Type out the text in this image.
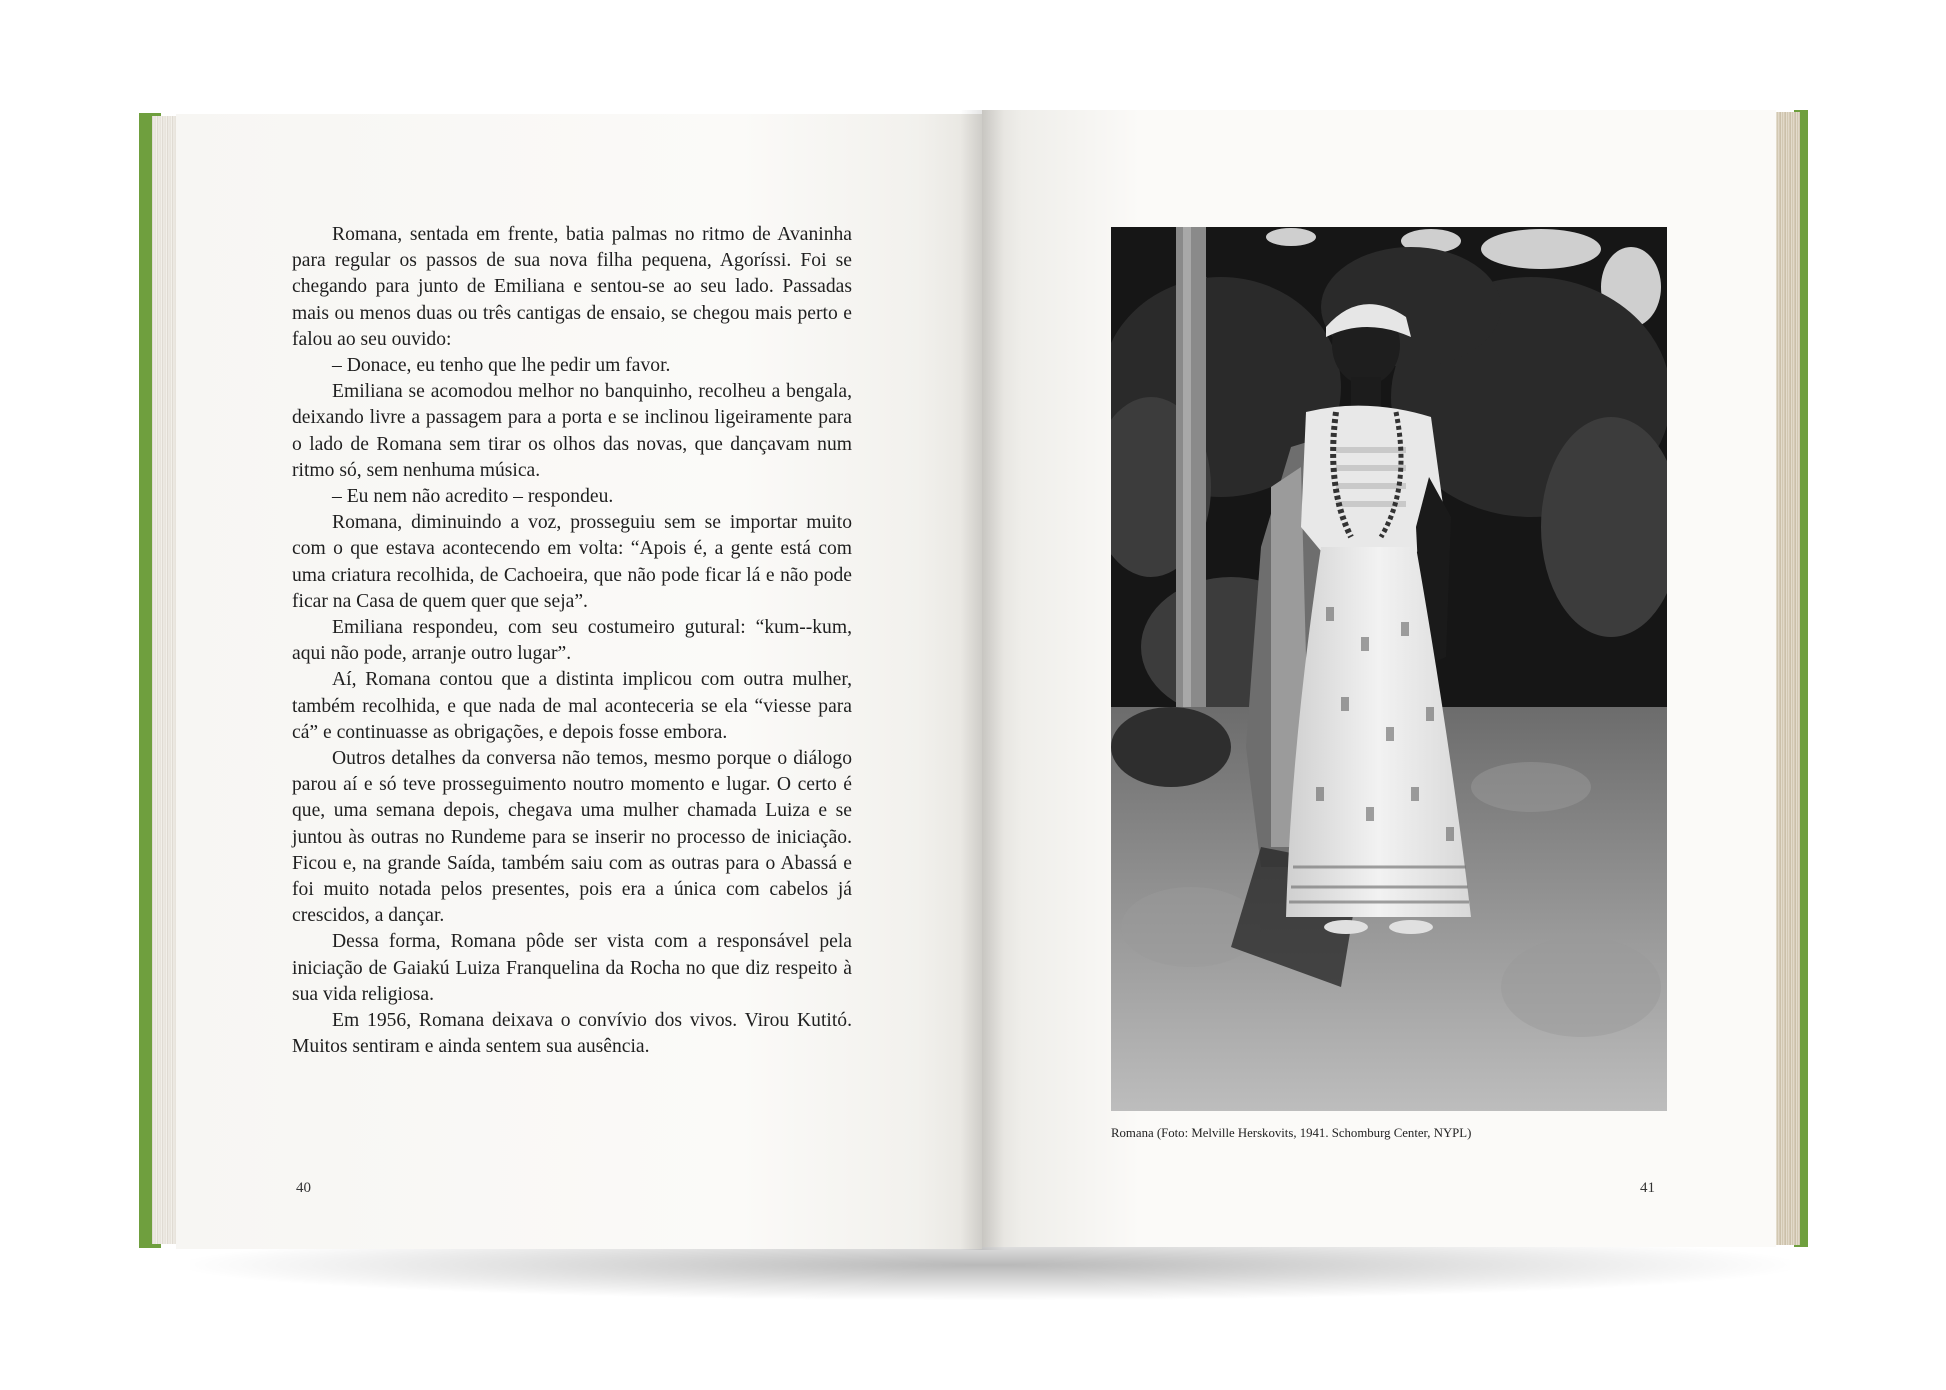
Romana, sentada em frente, batia palmas no ritmo de Avaninha para regular os passos de sua nova filha pequena, Agoríssi. Foi se chegando para junto de Emiliana e sentou-se ao seu lado. Passadas mais ou menos duas ou três cantigas de ensaio, se chegou mais perto e falou ao seu ouvido:

– Donace, eu tenho que lhe pedir um favor.

Emiliana se acomodou melhor no banquinho, recolheu a bengala, deixando livre a passagem para a porta e se inclinou ligeiramente para o lado de Romana sem tirar os olhos das novas, que dançavam num ritmo só, sem nenhuma música.

– Eu nem não acredito – respondeu.

Romana, diminuindo a voz, prosseguiu sem se importar muito com o que estava acontecendo em volta: “Apois é, a gente está com uma criatura recolhida, de Cachoeira, que não pode ficar lá e não pode ficar na Casa de quem quer que seja”.

Emiliana respondeu, com seu costumeiro gutural: “kum--kum, aqui não pode, arranje outro lugar”.

Aí, Romana contou que a distinta implicou com outra mulher, também recolhida, e que nada de mal aconteceria se ela “viesse para cá” e continuasse as obrigações, e depois fosse embora.

Outros detalhes da conversa não temos, mesmo porque o diálogo parou aí e só teve prosseguimento noutro momento e lugar. O certo é que, uma semana depois, chegava uma mulher chamada Luiza e se juntou às outras no Rundeme para se inserir no processo de iniciação. Ficou e, na grande Saída, também saiu com as outras para o Abassá e foi muito notada pelos presentes, pois era a única com cabelos já crescidos, a dançar.

Dessa forma, Romana pôde ser vista com a responsável pela iniciação de Gaiakú Luiza Franquelina da Rocha no que diz respeito à sua vida religiosa.

Em 1956, Romana deixava o convívio dos vivos. Virou Kutitó. Muitos sentiram e ainda sentem sua ausência.

40
Romana (Foto: Melville Herskovits, 1941. Schomburg Center, NYPL)
41
